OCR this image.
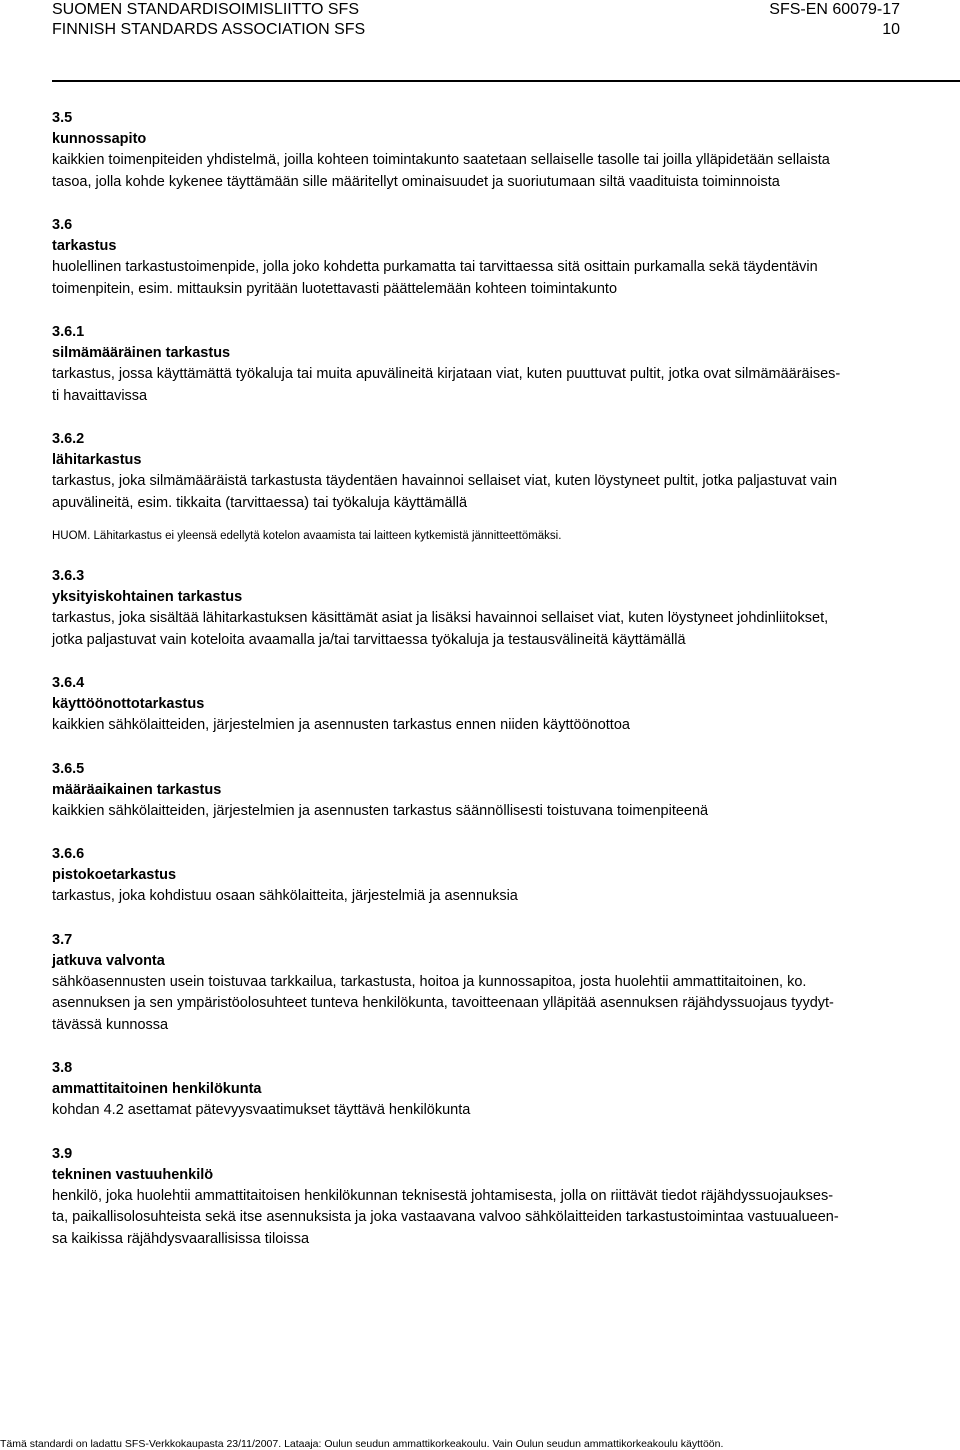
SUOMEN STANDARDISOIMISLIITTO SFS	SFS-EN 60079-17
FINNISH STANDARDS ASSOCIATION SFS	10
3.5
kunnossapito
kaikkien toimenpiteiden yhdistelmä, joilla kohteen toimintakunto saatetaan sellaiselle tasolle tai joilla ylläpidetään sellaista
tasoa, jolla kohde kykenee täyttämään sille määritellyt ominaisuudet ja suoriutumaan siltä vaadituista toiminnoista
3.6
tarkastus
huolellinen tarkastustoimenpide, jolla joko kohdetta purkamatta tai tarvittaessa sitä osittain purkamalla sekä täydentävin
toimenpitein, esim. mittauksin pyritään luotettavasti päättelemään kohteen toimintakunto
3.6.1
silmämääräinen tarkastus
tarkastus, jossa käyttämättä työkaluja tai muita apuvälineitä kirjataan viat, kuten puuttuvat pultit, jotka ovat silmämääräises-
ti havaittavissa
3.6.2
lähitarkastus
tarkastus, joka silmämääräistä tarkastusta täydentäen havainnoi sellaiset viat, kuten löystyneet pultit, jotka paljastuvat vain
apuvälineitä, esim. tikkaita (tarvittaessa) tai työkaluja käyttämällä
HUOM. Lähitarkastus ei yleensä edellytä kotelon avaamista tai laitteen kytkemistä jännitteettömäksi.
3.6.3
yksityiskohtainen tarkastus
tarkastus, joka sisältää lähitarkastuksen käsittämät asiat ja lisäksi havainnoi sellaiset viat, kuten löystyneet johdinliitokset,
jotka paljastuvat vain koteloita avaamalla ja/tai tarvittaessa työkaluja ja testausvälineitä käyttämällä
3.6.4
käyttöönottotarkastus
kaikkien sähkölaitteiden, järjestelmien ja asennusten tarkastus ennen niiden käyttöönottoa
3.6.5
määräaikainen tarkastus
kaikkien sähkölaitteiden, järjestelmien ja asennusten tarkastus säännöllisesti toistuvana toimenpiteenä
3.6.6
pistokoetarkastus
tarkastus, joka kohdistuu osaan sähkölaitteita, järjestelmiä ja asennuksia
3.7
jatkuva valvonta
sähköasennusten usein toistuvaa tarkkailua, tarkastusta, hoitoa ja kunnossapitoa, josta huolehtii ammattitaitoinen, ko.
asennuksen ja sen ympäristöolosuhteet tunteva henkilökunta, tavoitteenaan ylläpitää asennuksen räjähdyssuojaus tyydyt-
tävässä kunnossa
3.8
ammattitaitoinen henkilökunta
kohdan 4.2 asettamat pätevyysvaatimukset täyttävä henkilökunta
3.9
tekninen vastuuhenkilö
henkilö, joka huolehtii ammattitaitoisen henkilökunnan teknisestä johtamisesta, jolla on riittävät tiedot räjähdyssuojaukses-
ta, paikallisolosuhteista sekä itse asennuksista ja joka vastaavana valvoo sähkölaitteiden tarkastustoimintaa vastuualueen-
sa kaikissa räjähdysvaarallisissa tiloissa
Tämä standardi on ladattu SFS-Verkkokaupasta 23/11/2007. Lataaja: Oulun seudun ammattikorkeakoulu. Vain Oulun seudun ammattikorkeakoulu käyttöön.
